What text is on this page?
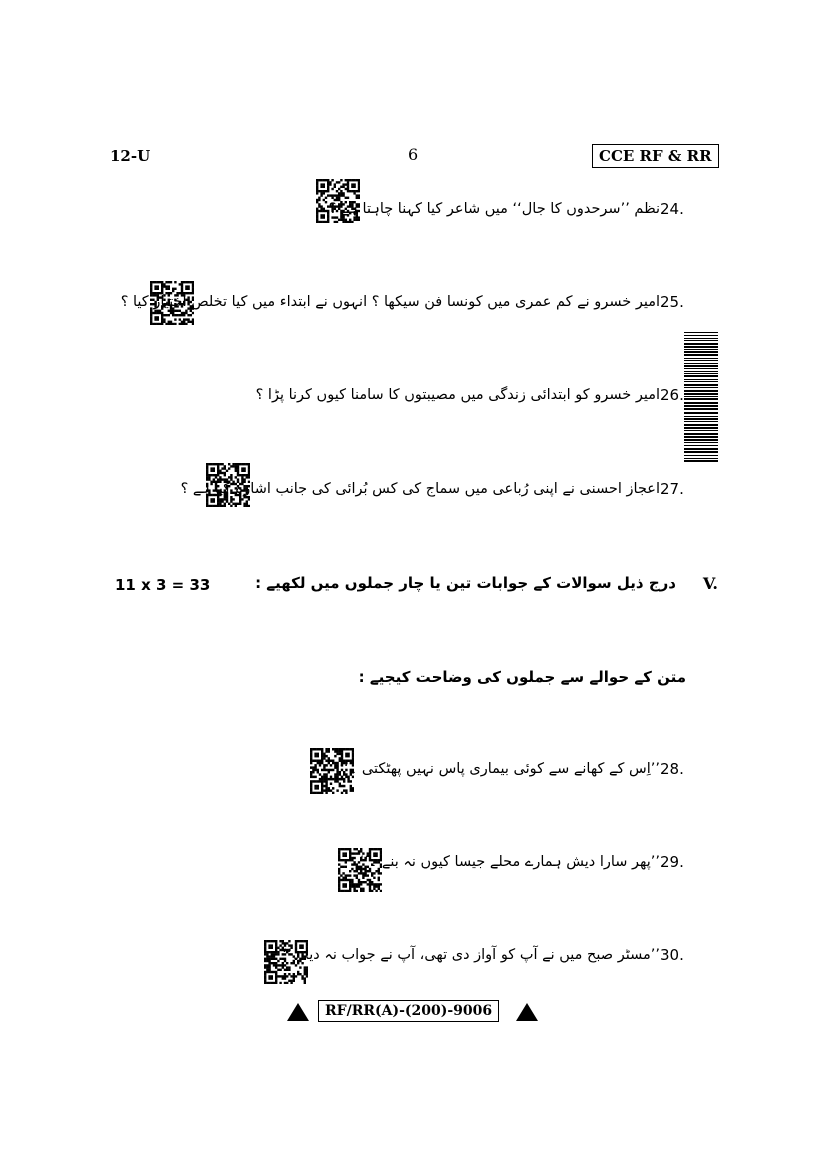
12-U	6	CCE RF & RR
24.
نظم ’’سرحدوں کا جال‘‘ میں شاعر کیا کہنا چاہتا ہے ؟
25.
امیر خسرو نے کم عمری میں کونسا فن سیکھا ؟ انہوں نے ابتداء میں کیا تخلص اختیار کیا ؟
26.
امیر خسرو کو ابتدائی زندگی میں مصیبتوں کا سامنا کیوں کرنا پڑا ؟
27.
اعجاز احسنی نے اپنی رُباعی میں سماج کی کس بُرائی کی جانب اشارہ کیا ہے ؟
11 x 3 = 33	V.
درج ذیل سوالات کے جوابات تین یا چار جملوں میں لکھیے :
متن کے حوالے سے جملوں کی وضاحت کیجیے :
28.
’’اِس کے کھانے سے کوئی بیماری پاس نہیں پھٹکتی ۔‘‘
29.
’’پھر سارا دیش ہمارے محلے جیسا کیوں نہ بنے ۔‘‘
30.
’’مسٹر صبح میں نے آپ کو آواز دی تھی، آپ نے جواب نہ دیا ۔‘‘
RF/RR(A)-(200)-9006
